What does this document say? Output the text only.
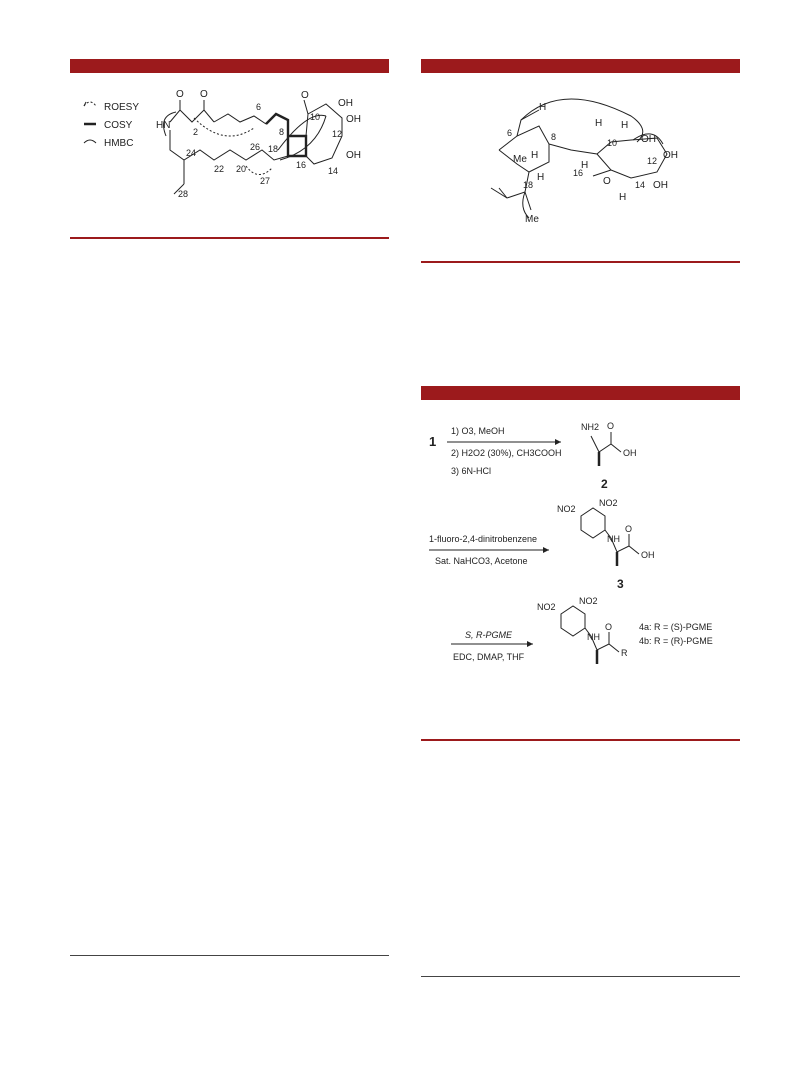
ROESY
COSY
HMBC
HN
O O
2
6
8
O
10
OH
OH
12
OH
14
16
18
20
22
24
26
27
28
H
H H
H
H
H
H
6	8
10
12
14
16
18
Me
Me
OH
OH
OH
O
1
1) O3, MeOH
2) H2O2 (30%), CH3COOH
3) 6N-HCl
NH2 O
OH
2
1-fluoro-2,4-dinitrobenzene
Sat. NaHCO3, Acetone
NO2
NO2
NH
O
OH
3
S, R-PGME
EDC, DMAP, THF
NO2
NO2
NH
O
R
4a: R = (S)-PGME
4b: R = (R)-PGME
